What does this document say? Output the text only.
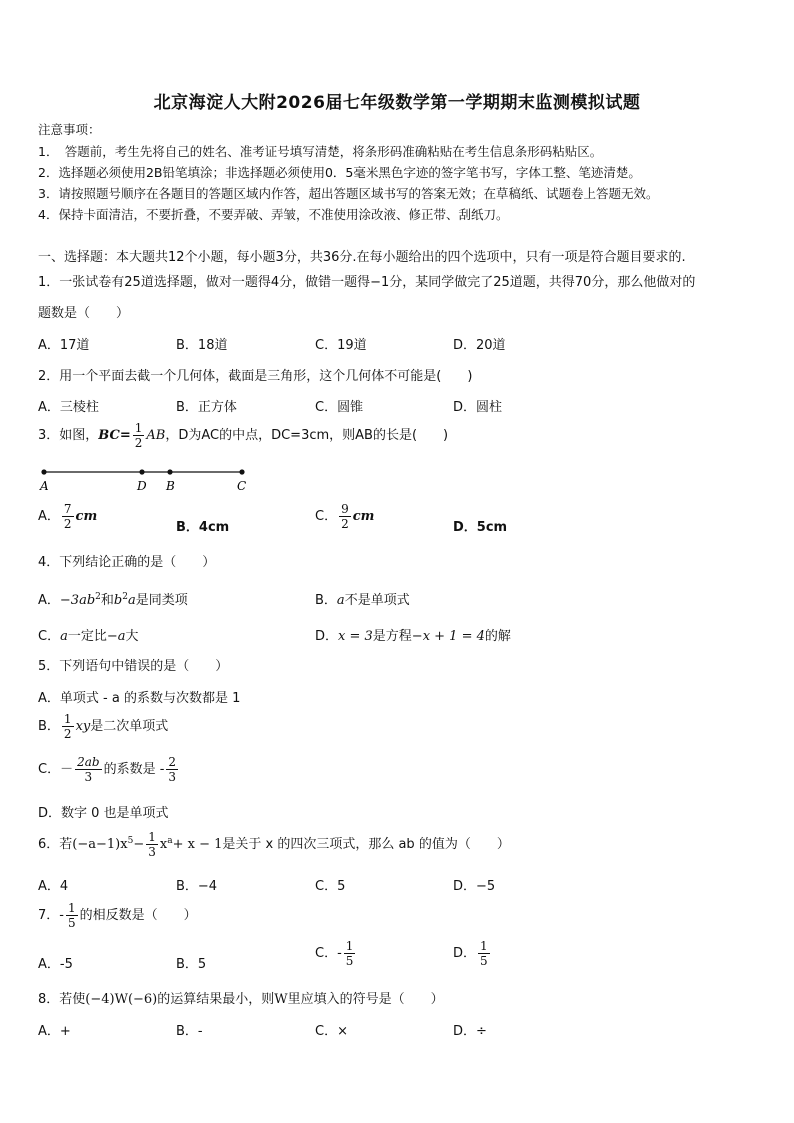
北京海淀人大附2026届七年级数学第一学期期末监测模拟试题
注意事项：
1．　答题前，考生先将自己的姓名、准考证号填写清楚，将条形码准确粘贴在考生信息条形码粘贴区。
2．选择题必须使用2B铅笔填涂；非选择题必须使用0．5毫米黑色字迹的签字笔书写，字体工整、笔迹清楚。
3．请按照题号顺序在各题目的答题区域内作答，超出答题区域书写的答案无效；在草稿纸、试题卷上答题无效。
4．保持卡面清洁，不要折叠，不要弄破、弄皱，不准使用涂改液、修正带、刮纸刀。
一、选择题：本大题共12个小题，每小题3分，共36分.在每小题给出的四个选项中，只有一项是符合题目要求的.
1．一张试卷有25道选择题，做对一题得4分，做错一题得−1分，某同学做完了25道题，共得70分，那么他做对的
题数是（　　）
A．17道	B．18道	C．19道	D．20道
2．用一个平面去截一个几何体，截面是三角形，这个几何体不可能是(　　)
A．三棱柱	B．正方体	C．圆锥	D．圆柱
3．如图，$BC= \frac{1}{2}$ AB，D为AC的中点，DC=3cm，则AB的长是(　　)
A	D B	C
A． $\frac{7}{2}$ cm
B．4cm
C． $\frac{9}{2}$ cm
D．5cm
4．下列结论正确的是（　　）
A．$-3ab^2$和$b^2a$是同类项	B．a不是单项式
C．a一定比−a大	D．x = 3是方程−x + 1 = 4的解
5．下列语句中错误的是（　　）
A．单项式 - a 的系数与次数都是 1
B． $\frac{1}{2}$ xy是二次单项式
C．－ $\frac{2ab}{3}$ 的系数是 - $\frac{2}{3}$
D．数字 0 也是单项式
6．若$(-a-1)x^5- \frac{1}{3} x^a+ x - 1$是关于 x 的四次三项式，那么 ab 的值为（　　）
A．4	B．−4	C．5	D．−5
7．- $\frac{1}{5}$ 的相反数是（　　）
A．-5	B．5
C．- $\frac{1}{5}$	D． $\frac{1}{5}$
8．若使(−4)W(−6)的运算结果最小，则W里应填入的符号是（　　）
A．+	B．-	C．×	D．÷
